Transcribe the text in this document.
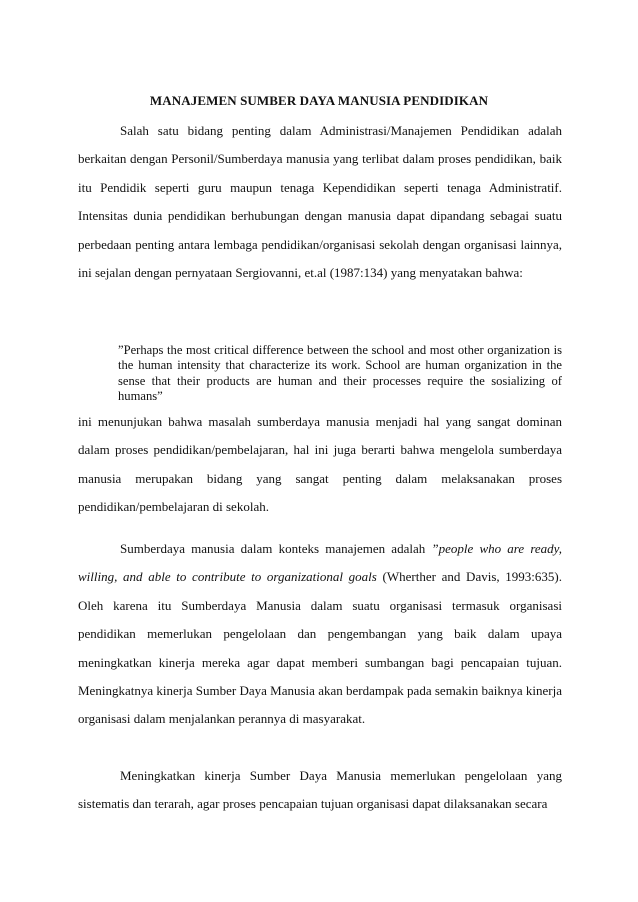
MANAJEMEN SUMBER DAYA MANUSIA PENDIDIKAN

Salah satu bidang penting dalam Administrasi/Manajemen Pendidikan adalah berkaitan dengan Personil/Sumberdaya manusia yang terlibat dalam proses pendidikan, baik itu Pendidik seperti guru maupun tenaga Kependidikan seperti tenaga Administratif. Intensitas dunia pendidikan berhubungan dengan manusia dapat dipandang sebagai suatu perbedaan penting antara lembaga pendidikan/organisasi sekolah dengan organisasi lainnya, ini sejalan dengan pernyataan Sergiovanni, et.al (1987:134) yang menyatakan bahwa:

”Perhaps the most critical difference between the school and most other organization is the human intensity that characterize its work. School are human organization in the sense that their products are human and their processes require the sosializing of humans”

ini menunjukan bahwa masalah sumberdaya manusia menjadi hal yang sangat dominan dalam proses pendidikan/pembelajaran, hal ini juga berarti bahwa mengelola sumberdaya manusia merupakan bidang yang sangat penting dalam melaksanakan proses pendidikan/pembelajaran di sekolah.

Sumberdaya manusia dalam konteks manajemen adalah ”people who are ready, willing, and able to contribute to organizational goals (Wherther and Davis, 1993:635). Oleh karena itu Sumberdaya Manusia dalam suatu organisasi termasuk organisasi pendidikan memerlukan pengelolaan dan pengembangan yang baik dalam upaya meningkatkan kinerja mereka agar dapat memberi sumbangan bagi pencapaian tujuan. Meningkatnya kinerja Sumber Daya Manusia akan berdampak pada semakin baiknya kinerja organisasi dalam menjalankan perannya di masyarakat.

Meningkatkan kinerja Sumber Daya Manusia memerlukan pengelolaan yang sistematis dan terarah, agar proses pencapaian tujuan organisasi dapat dilaksanakan secara
